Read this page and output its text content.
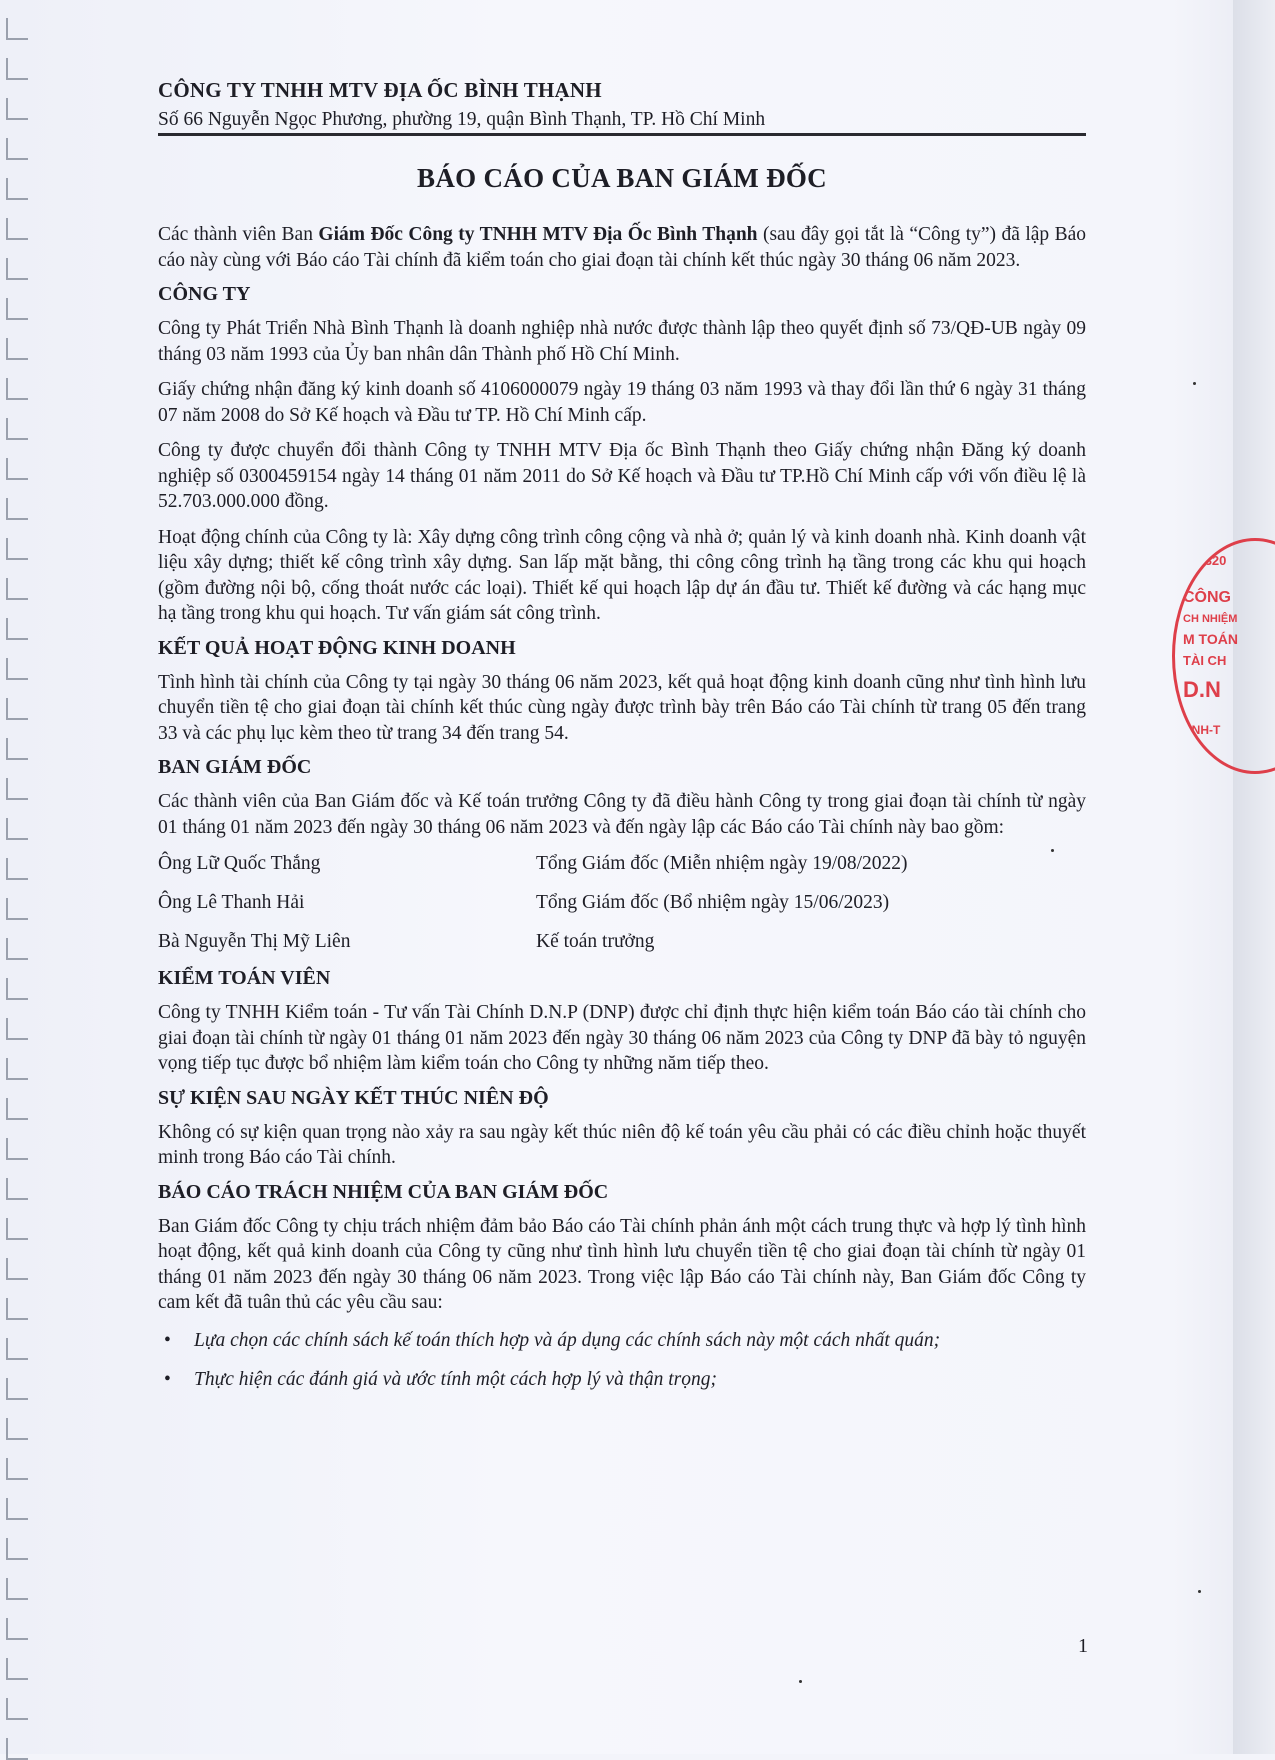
CÔNG TY TNHH MTV ĐỊA ỐC BÌNH THẠNH
Số 66 Nguyễn Ngọc Phương, phường 19, quận Bình Thạnh, TP. Hồ Chí Minh
BÁO CÁO CỦA BAN GIÁM ĐỐC

Các thành viên Ban Giám Đốc Công ty TNHH MTV Địa Ốc Bình Thạnh (sau đây gọi tắt là “Công ty”) đã lập Báo cáo này cùng với Báo cáo Tài chính đã kiểm toán cho giai đoạn tài chính kết thúc ngày 30 tháng 06 năm 2023.

CÔNG TY

Công ty Phát Triển Nhà Bình Thạnh là doanh nghiệp nhà nước được thành lập theo quyết định số 73/QĐ-UB ngày 09 tháng 03 năm 1993 của Ủy ban nhân dân Thành phố Hồ Chí Minh.

Giấy chứng nhận đăng ký kinh doanh số 4106000079 ngày 19 tháng 03 năm 1993 và thay đổi lần thứ 6 ngày 31 tháng 07 năm 2008 do Sở Kế hoạch và Đầu tư TP. Hồ Chí Minh cấp.

Công ty được chuyển đổi thành Công ty TNHH MTV Địa ốc Bình Thạnh theo Giấy chứng nhận Đăng ký doanh nghiệp số 0300459154 ngày 14 tháng 01 năm 2011 do Sở Kế hoạch và Đầu tư TP.Hồ Chí Minh cấp với vốn điều lệ là 52.703.000.000 đồng.

Hoạt động chính của Công ty là: Xây dựng công trình công cộng và nhà ở; quản lý và kinh doanh nhà. Kinh doanh vật liệu xây dựng; thiết kế công trình xây dựng. San lấp mặt bằng, thi công công trình hạ tầng trong các khu qui hoạch (gồm đường nội bộ, cống thoát nước các loại). Thiết kế qui hoạch lập dự án đầu tư. Thiết kế đường và các hạng mục hạ tầng trong khu qui hoạch. Tư vấn giám sát công trình.

KẾT QUẢ HOẠT ĐỘNG KINH DOANH

Tình hình tài chính của Công ty tại ngày 30 tháng 06 năm 2023, kết quả hoạt động kinh doanh cũng như tình hình lưu chuyển tiền tệ cho giai đoạn tài chính kết thúc cùng ngày được trình bày trên Báo cáo Tài chính từ trang 05 đến trang 33 và các phụ lục kèm theo từ trang 34 đến trang 54.

BAN GIÁM ĐỐC

Các thành viên của Ban Giám đốc và Kế toán trưởng Công ty đã điều hành Công ty trong giai đoạn tài chính từ ngày 01 tháng 01 năm 2023 đến ngày 30 tháng 06 năm 2023 và đến ngày lập các Báo cáo Tài chính này bao gồm:

Ông Lữ Quốc Thắng	Tổng Giám đốc (Miễn nhiệm ngày 19/08/2022)
Ông Lê Thanh Hải	Tổng Giám đốc (Bổ nhiệm ngày 15/06/2023)
Bà Nguyễn Thị Mỹ Liên	Kế toán trưởng
KIỂM TOÁN VIÊN

Công ty TNHH Kiểm toán - Tư vấn Tài Chính D.N.P (DNP) được chỉ định thực hiện kiểm toán Báo cáo tài chính cho giai đoạn tài chính từ ngày 01 tháng 01 năm 2023 đến ngày 30 tháng 06 năm 2023 của Công ty DNP đã bày tỏ nguyện vọng tiếp tục được bổ nhiệm làm kiểm toán cho Công ty những năm tiếp theo.

SỰ KIỆN SAU NGÀY KẾT THÚC NIÊN ĐỘ

Không có sự kiện quan trọng nào xảy ra sau ngày kết thúc niên độ kế toán yêu cầu phải có các điều chỉnh hoặc thuyết minh trong Báo cáo Tài chính.

BÁO CÁO TRÁCH NHIỆM CỦA BAN GIÁM ĐỐC

Ban Giám đốc Công ty chịu trách nhiệm đảm bảo Báo cáo Tài chính phản ánh một cách trung thực và hợp lý tình hình hoạt động, kết quả kinh doanh của Công ty cũng như tình hình lưu chuyển tiền tệ cho giai đoạn tài chính từ ngày 01 tháng 01 năm 2023 đến ngày 30 tháng 06 năm 2023. Trong việc lập Báo cáo Tài chính này, Ban Giám đốc Công ty cam kết đã tuân thủ các yêu cầu sau:

•	Lựa chọn các chính sách kế toán thích hợp và áp dụng các chính sách này một cách nhất quán;
•	Thực hiện các đánh giá và ước tính một cách hợp lý và thận trọng;
1
030320
CÔNG
CH NHIỆM
M TOÁN
TÀI CH
D.N
ẠNH-T
